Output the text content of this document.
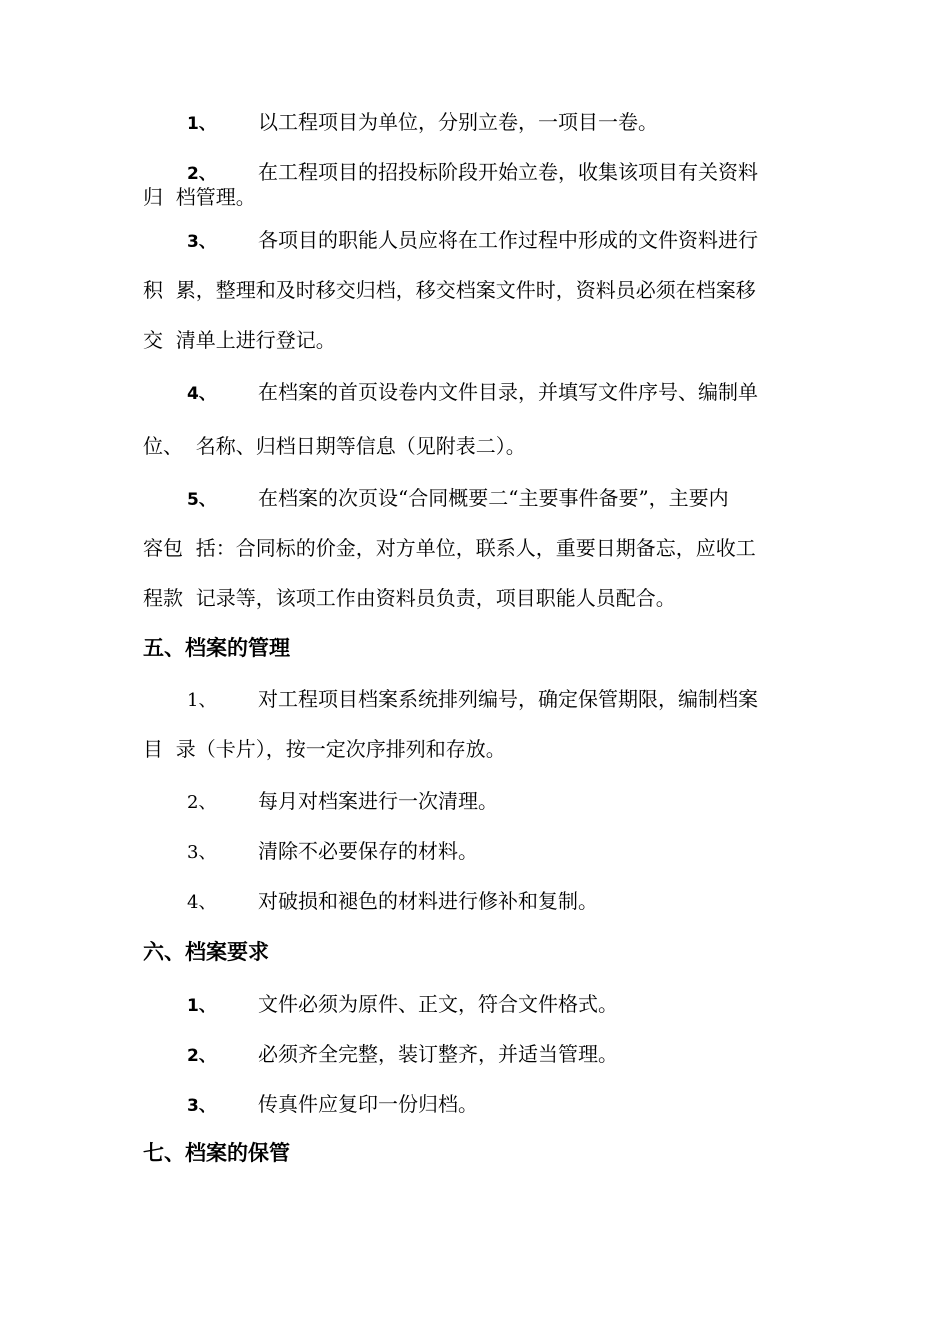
1、	以工程项目为单位，分别立卷，一项目一卷。
2、	在工程项目的招投标阶段开始立卷，收集该项目有关资料
归  档管理。
3、	各项目的职能人员应将在工作过程中形成的文件资料进行
积  累，整理和及时移交归档，移交档案文件时，资料员必须在档案移
交  清单上进行登记。
4、	在档案的首页设卷内文件目录，并填写文件序号、编制单
位、  名称、归档日期等信息（见附表二）。
5、	在档案的次页设“合同概要二“主要事件备要”，主要内
容包  括：合同标的价金，对方单位，联系人，重要日期备忘，应收工
程款  记录等，该项工作由资料员负责，项目职能人员配合。
五、档案的管理
1、	对工程项目档案系统排列编号，确定保管期限，编制档案
目  录（卡片），按一定次序排列和存放。
2、	每月对档案进行一次清理。
3、	清除不必要保存的材料。
4、	对破损和褪色的材料进行修补和复制。
六、档案要求
1、	文件必须为原件、正文，符合文件格式。
2、	必须齐全完整，装订整齐，并适当管理。
3、	传真件应复印一份归档。
七、档案的保管
